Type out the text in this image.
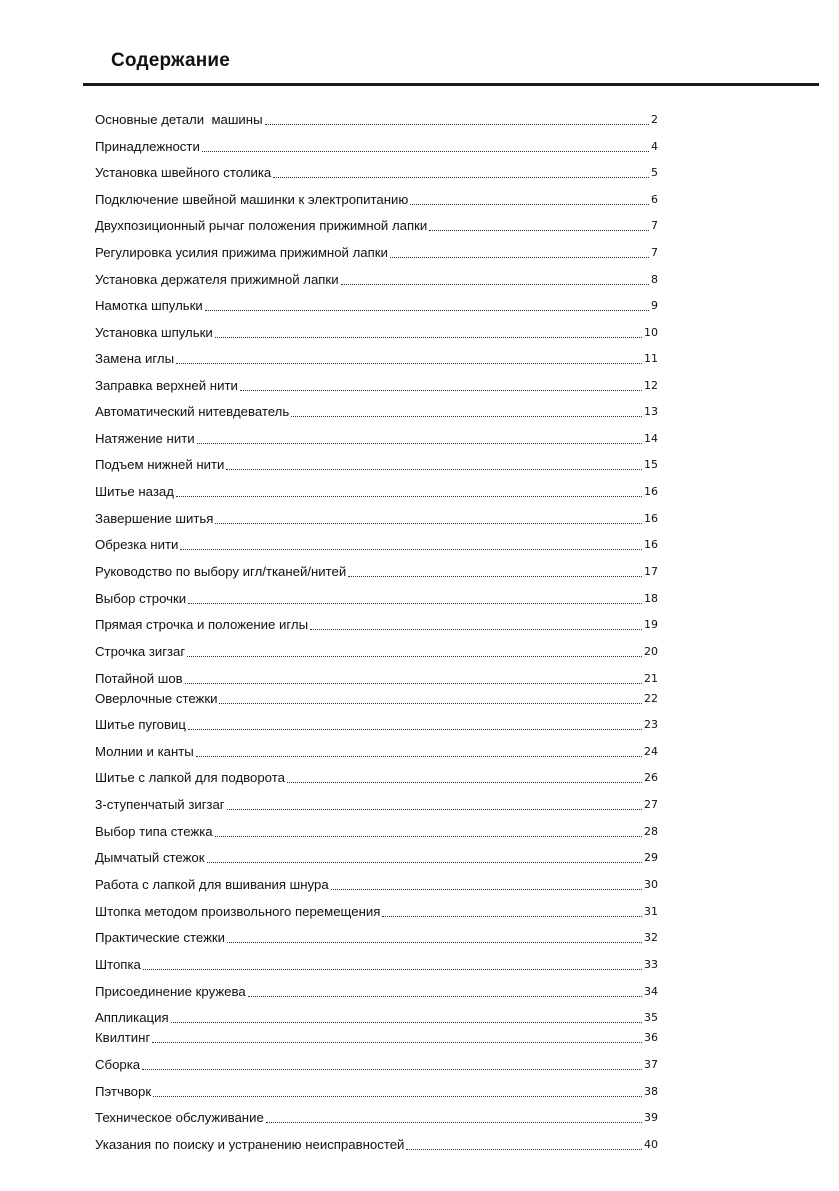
Содержание
Основные детали  машины	2
Принадлежности	4
Установка швейного столика	5
Подключение швейной машинки к электропитанию	6
Двухпозиционный рычаг положения прижимной лапки	7
Регулировка усилия прижима прижимной лапки	7
Установка держателя прижимной лапки	8
Намотка шпульки	9
Установка шпульки	10
Замена иглы	11
Заправка верхней нити	12
Автоматический нитевдеватель	13
Натяжение нити	14
Подъем нижней нити	15
Шитье назад	16
Завершение шитья	16
Обрезка нити	16
Руководство по выбору игл/тканей/нитей	17
Выбор строчки	18
Прямая строчка и положение иглы	19
Строчка зигзаг	20
Потайной шов	21
Оверлочные стежки	22
Шитье пуговиц	23
Молнии и канты	24
Шитье с лапкой для подворота	26
3-ступенчатый зигзаг	27
Выбор типа стежка	28
Дымчатый стежок	29
Работа с лапкой для вшивания шнура	30
Штопка методом произвольного перемещения	31
Практические стежки	32
Штопка	33
Присоединение кружева	34
Аппликация	35
Квилтинг	36
Сборка	37
Пэтчворк	38
Техническое обслуживание	39
Указания по поиску и устранению неисправностей	40
